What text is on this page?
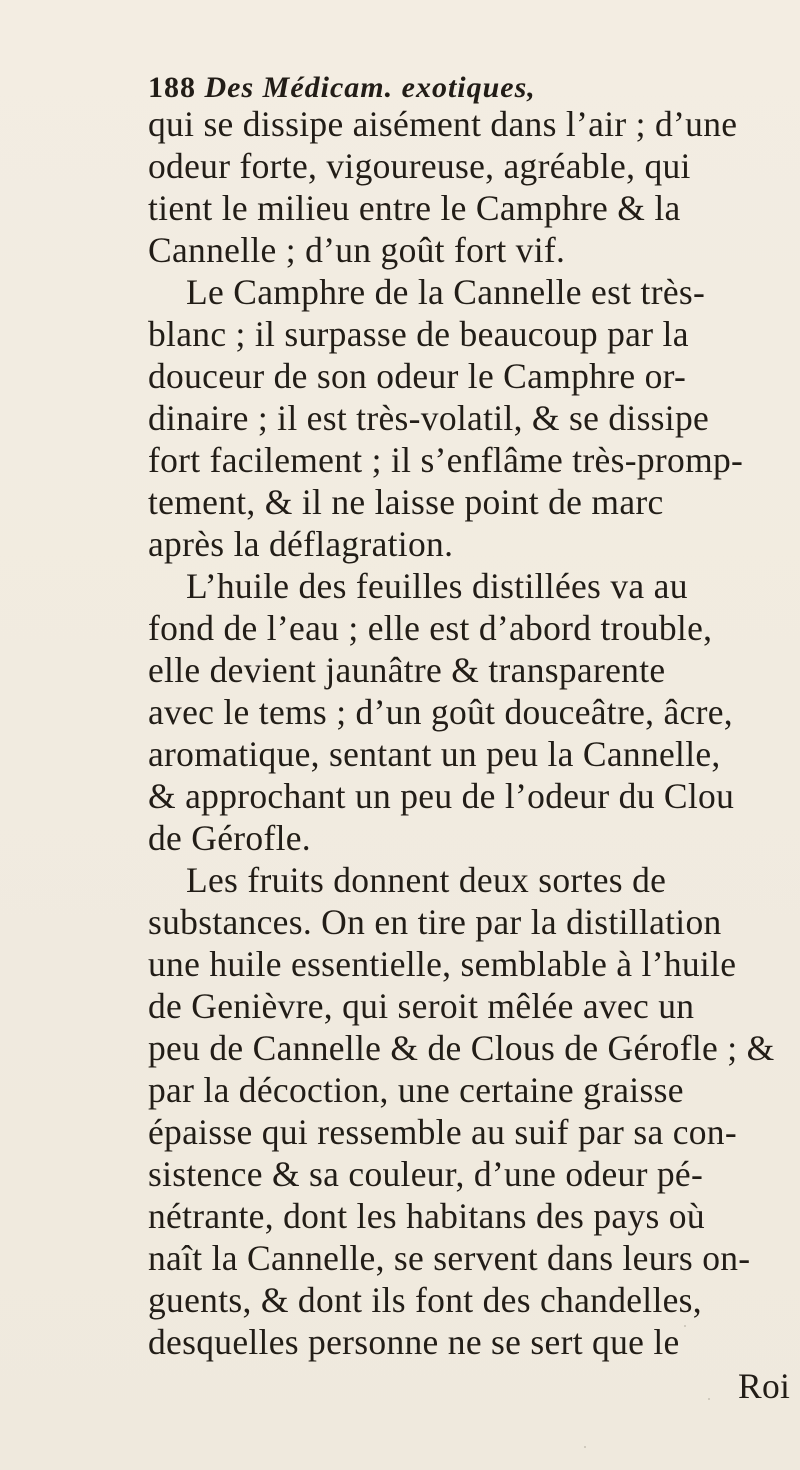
188 Des Médicam. exotiques,
qui se dissipe aisément dans l’air ; d’une
odeur forte, vigoureuse, agréable, qui
tient le milieu entre le Camphre & la
Cannelle ; d’un goût fort vif.
Le Camphre de la Cannelle est très-
blanc ; il surpasse de beaucoup par la
douceur de son odeur le Camphre or-
dinaire ; il est très-volatil, & se dissipe
fort facilement ; il s’enflâme très-promp-
tement, & il ne laisse point de marc
après la déflagration.
L’huile des feuilles distillées va au
fond de l’eau ; elle est d’abord trouble,
elle devient jaunâtre & transparente
avec le tems ; d’un goût douceâtre, âcre,
aromatique, sentant un peu la Cannelle,
& approchant un peu de l’odeur du Clou
de Gérofle.
Les fruits donnent deux sortes de
substances. On en tire par la distillation
une huile essentielle, semblable à l’huile
de Genièvre, qui seroit mêlée avec un
peu de Cannelle & de Clous de Gérofle ; &
par la décoction, une certaine graisse
épaisse qui ressemble au suif par sa con-
sistence & sa couleur, d’une odeur pé-
nétrante, dont les habitans des pays où
naît la Cannelle, se servent dans leurs on-
guents, & dont ils font des chandelles,
desquelles personne ne se sert que le
Roi
